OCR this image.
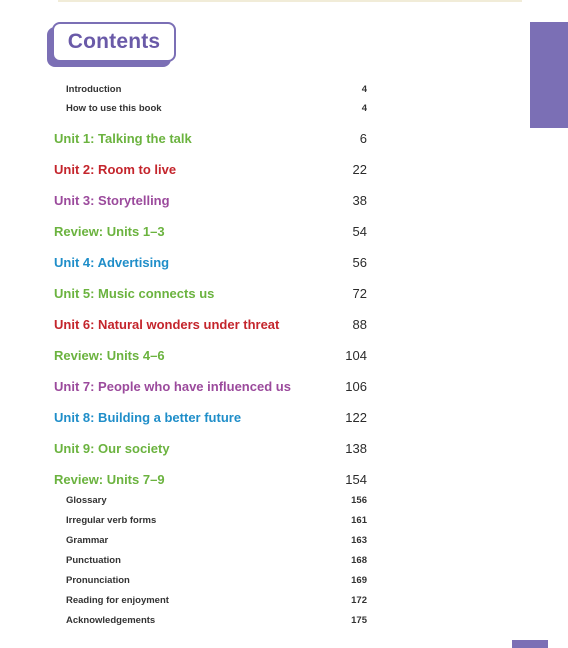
Contents
Introduction	4
How to use this book	4
Unit 1: Talking the talk	6
Unit 2: Room to live	22
Unit 3: Storytelling	38
Review: Units 1–3	54
Unit 4: Advertising	56
Unit 5: Music connects us	72
Unit 6: Natural wonders under threat	88
Review: Units 4–6	104
Unit 7: People who have influenced us	106
Unit 8: Building a better future	122
Unit 9: Our society	138
Review: Units 7–9	154
Glossary	156
Irregular verb forms	161
Grammar	163
Punctuation	168
Pronunciation	169
Reading for enjoyment	172
Acknowledgements	175
